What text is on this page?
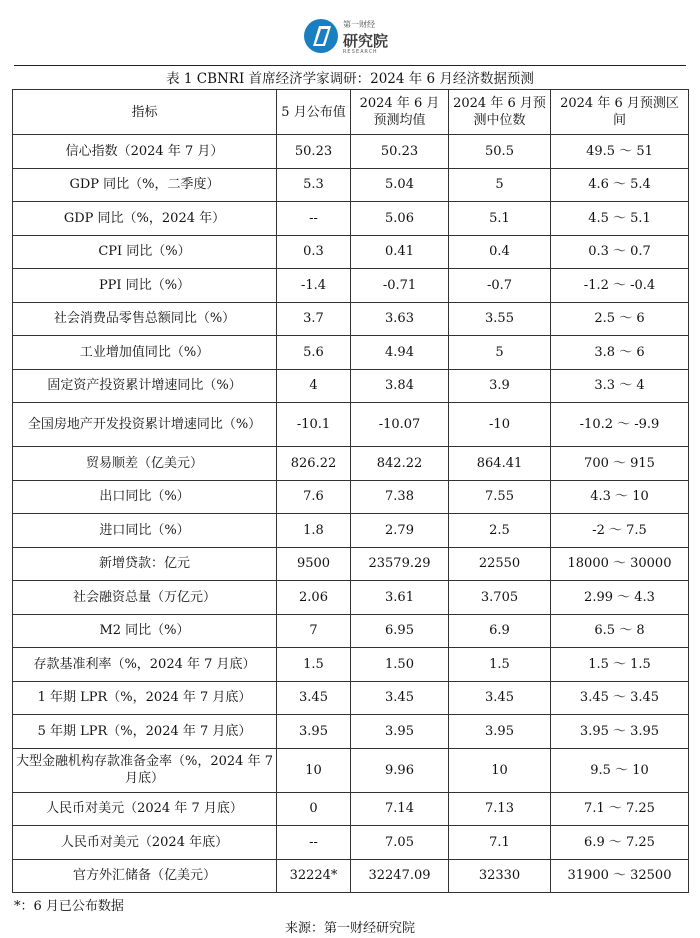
第一财经
研究院
RESEARCH
表 1 CBNRI 首席经济学家调研：2024 年 6 月经济数据预测
指标	5 月公布值	2024 年 6 月预测均值	2024 年 6 月预测中位数	2024 年 6 月预测区间
信心指数（2024 年 7 月）	50.23	50.23	50.5	49.5 ～ 51
GDP 同比（%，二季度）	5.3	5.04	5	4.6 ～ 5.4
GDP 同比（%，2024 年）	--	5.06	5.1	4.5 ～ 5.1
CPI 同比（%）	0.3	0.41	0.4	0.3 ～ 0.7
PPI 同比（%）	-1.4	-0.71	-0.7	-1.2 ～ -0.4
社会消费品零售总额同比（%）	3.7	3.63	3.55	2.5 ～ 6
工业增加值同比（%）	5.6	4.94	5	3.8 ～ 6
固定资产投资累计增速同比（%）	4	3.84	3.9	3.3 ～ 4
全国房地产开发投资累计增速同比（%）	-10.1	-10.07	-10	-10.2 ～ -9.9
贸易顺差（亿美元）	826.22	842.22	864.41	700 ～ 915
出口同比（%）	7.6	7.38	7.55	4.3 ～ 10
进口同比（%）	1.8	2.79	2.5	-2 ～ 7.5
新增贷款：亿元	9500	23579.29	22550	18000 ～ 30000
社会融资总量（万亿元）	2.06	3.61	3.705	2.99 ～ 4.3
M2 同比（%）	7	6.95	6.9	6.5 ～ 8
存款基准利率（%，2024 年 7 月底）	1.5	1.50	1.5	1.5 ～ 1.5
1 年期 LPR（%，2024 年 7 月底）	3.45	3.45	3.45	3.45 ～ 3.45
5 年期 LPR（%，2024 年 7 月底）	3.95	3.95	3.95	3.95 ～ 3.95
大型金融机构存款准备金率（%，2024 年 7 月底）	10	9.96	10	9.5 ～ 10
人民币对美元（2024 年 7 月底）	0	7.14	7.13	7.1 ～ 7.25
人民币对美元（2024 年底）	--	7.05	7.1	6.9 ～ 7.25
官方外汇储备（亿美元）	32224*	32247.09	32330	31900 ～ 32500
*：6 月已公布数据
来源：第一财经研究院
